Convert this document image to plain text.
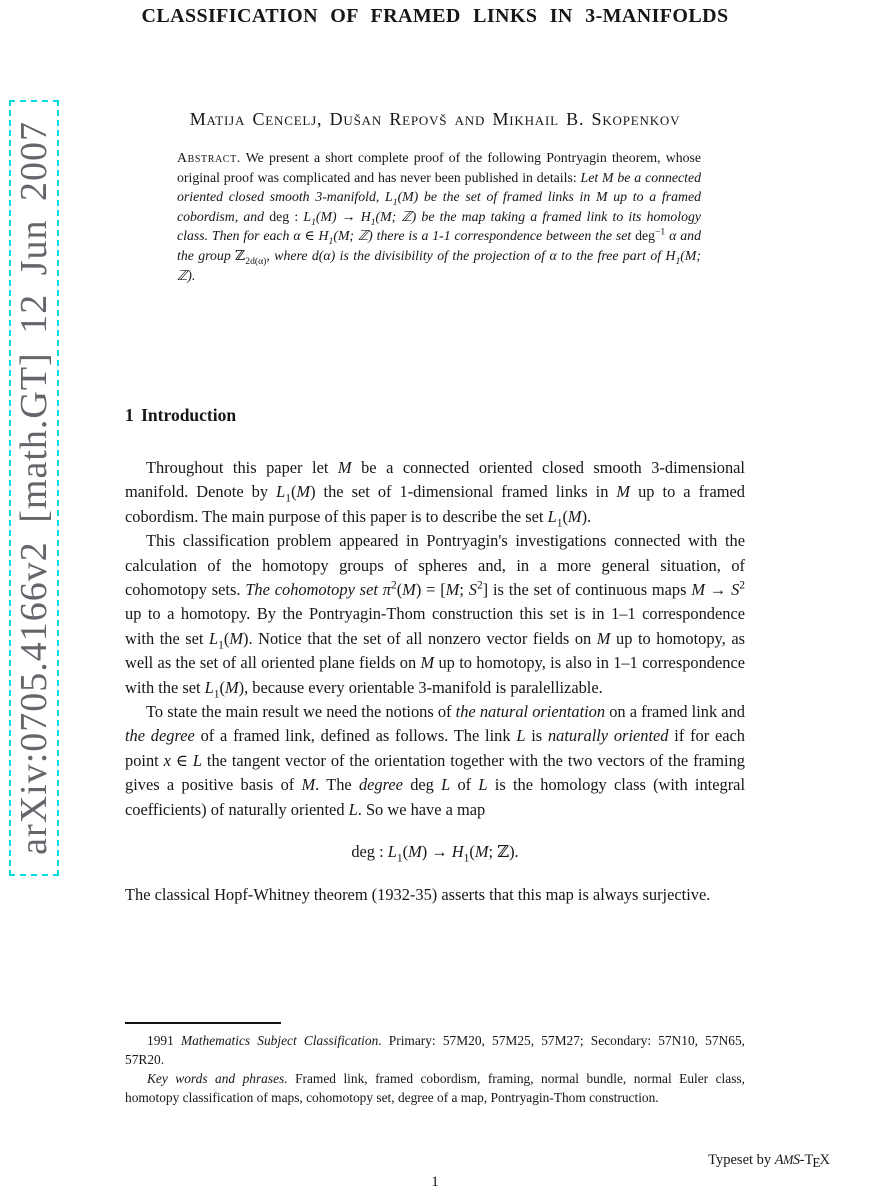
arXiv:0705.4166v2 [math.GT] 12 Jun 2007
CLASSIFICATION OF FRAMED LINKS IN 3-MANIFOLDS
Matija Cencelj, Dušan Repovš and Mikhail B. Skopenkov
Abstract. We present a short complete proof of the following Pontryagin theorem, whose original proof was complicated and has never been published in details: Let M be a connected oriented closed smooth 3-manifold, $L_1(M)$ be the set of framed links in M up to a framed cobordism, and deg : $L_1(M) \to H_1(M$; ℤ) be the map taking a framed link to its homology class. Then for each α ∈ $H_1(M$; ℤ) there is a 1-1 correspondence between the set deg$^{-1}$ α and the group ℤ$_{2d(\alpha)}$, where d(α) is the divisibility of the projection of α to the free part of $H_1(M$; ℤ).
1 Introduction

Throughout this paper let M be a connected oriented closed smooth 3-dimensional manifold. Denote by $L_1(M)$ the set of 1-dimensional framed links in M up to a framed cobordism. The main purpose of this paper is to describe the set $L_1(M)$.

This classification problem appeared in Pontryagin's investigations connected with the calculation of the homotopy groups of spheres and, in a more general situation, of cohomotopy sets. The cohomotopy set $\pi^2(M) = [M$; $S^2$] is the set of continuous maps $M \to S^2$ up to a homotopy. By the Pontryagin-Thom construction this set is in 1–1 correspondence with the set $L_1(M)$. Notice that the set of all nonzero vector fields on M up to homotopy, as well as the set of all oriented plane fields on M up to homotopy, is also in 1–1 correspondence with the set $L_1(M)$, because every orientable 3-manifold is paralellizable.

To state the main result we need the notions of the natural orientation on a framed link and the degree of a framed link, defined as follows. The link L is naturally oriented if for each point x ∈ L the tangent vector of the orientation together with the two vectors of the framing gives a positive basis of M. The degree deg L of L is the homology class (with integral coefficients) of naturally oriented L. So we have a map

deg : $L_1(M) \to H_1(M$; ℤ).

The classical Hopf-Whitney theorem (1932-35) asserts that this map is always surjective.

1991 Mathematics Subject Classification. Primary: 57M20, 57M25, 57M27; Secondary: 57N10, 57N65, 57R20.

Key words and phrases. Framed link, framed cobordism, framing, normal bundle, normal Euler class, homotopy classification of maps, cohomotopy set, degree of a map, Pontryagin-Thom construction.

Typeset by AMS-TEX
1
